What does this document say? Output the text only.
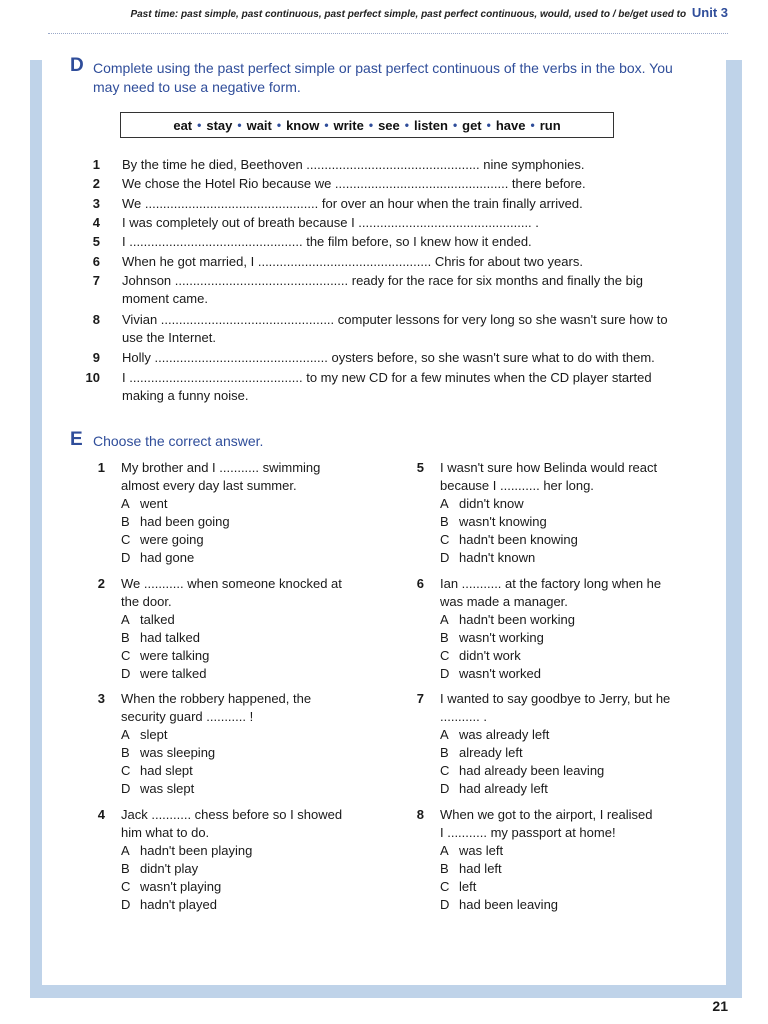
Past time: past simple, past continuous, past perfect simple, past perfect continuous, would, used to / be/get used to Unit 3
D Complete using the past perfect simple or past perfect continuous of the verbs in the box. You
may need to use a negative form.
eat • stay • wait • know • write • see • listen • get • have • run
1 By the time he died, Beethoven ................................................ nine symphonies.
2 We chose the Hotel Rio because we ................................................ there before.
3 We ................................................ for over an hour when the train finally arrived.
4 I was completely out of breath because I ................................................ .
5 I ................................................ the film before, so I knew how it ended.
6 When he got married, I ................................................ Chris for about two years.
7 Johnson ................................................ ready for the race for six months and finally the big
moment came.
8 Vivian ................................................ computer lessons for very long so she wasn't sure how to
use the Internet.
9 Holly ................................................ oysters before, so she wasn't sure what to do with them.
10 I ................................................ to my new CD for a few minutes when the CD player started
making a funny noise.
E Choose the correct answer.
1 My brother and I ........... swimming
almost every day last summer.
A went
B had been going
C were going
D had gone
2 We ........... when someone knocked at
the door.
A talked
B had talked
C were talking
D were talked
3 When the robbery happened, the
security guard ........... !
A slept
B was sleeping
C had slept
D was slept
4 Jack ........... chess before so I showed
him what to do.
A hadn't been playing
B didn't play
C wasn't playing
D hadn't played
5 I wasn't sure how Belinda would react
because I ........... her long.
A didn't know
B wasn't knowing
C hadn't been knowing
D hadn't known
6 Ian ........... at the factory long when he
was made a manager.
A hadn't been working
B wasn't working
C didn't work
D wasn't worked
7 I wanted to say goodbye to Jerry, but he
........... .
A was already left
B already left
C had already been leaving
D had already left
8 When we got to the airport, I realised
I ........... my passport at home!
A was left
B had left
C left
D had been leaving
21
